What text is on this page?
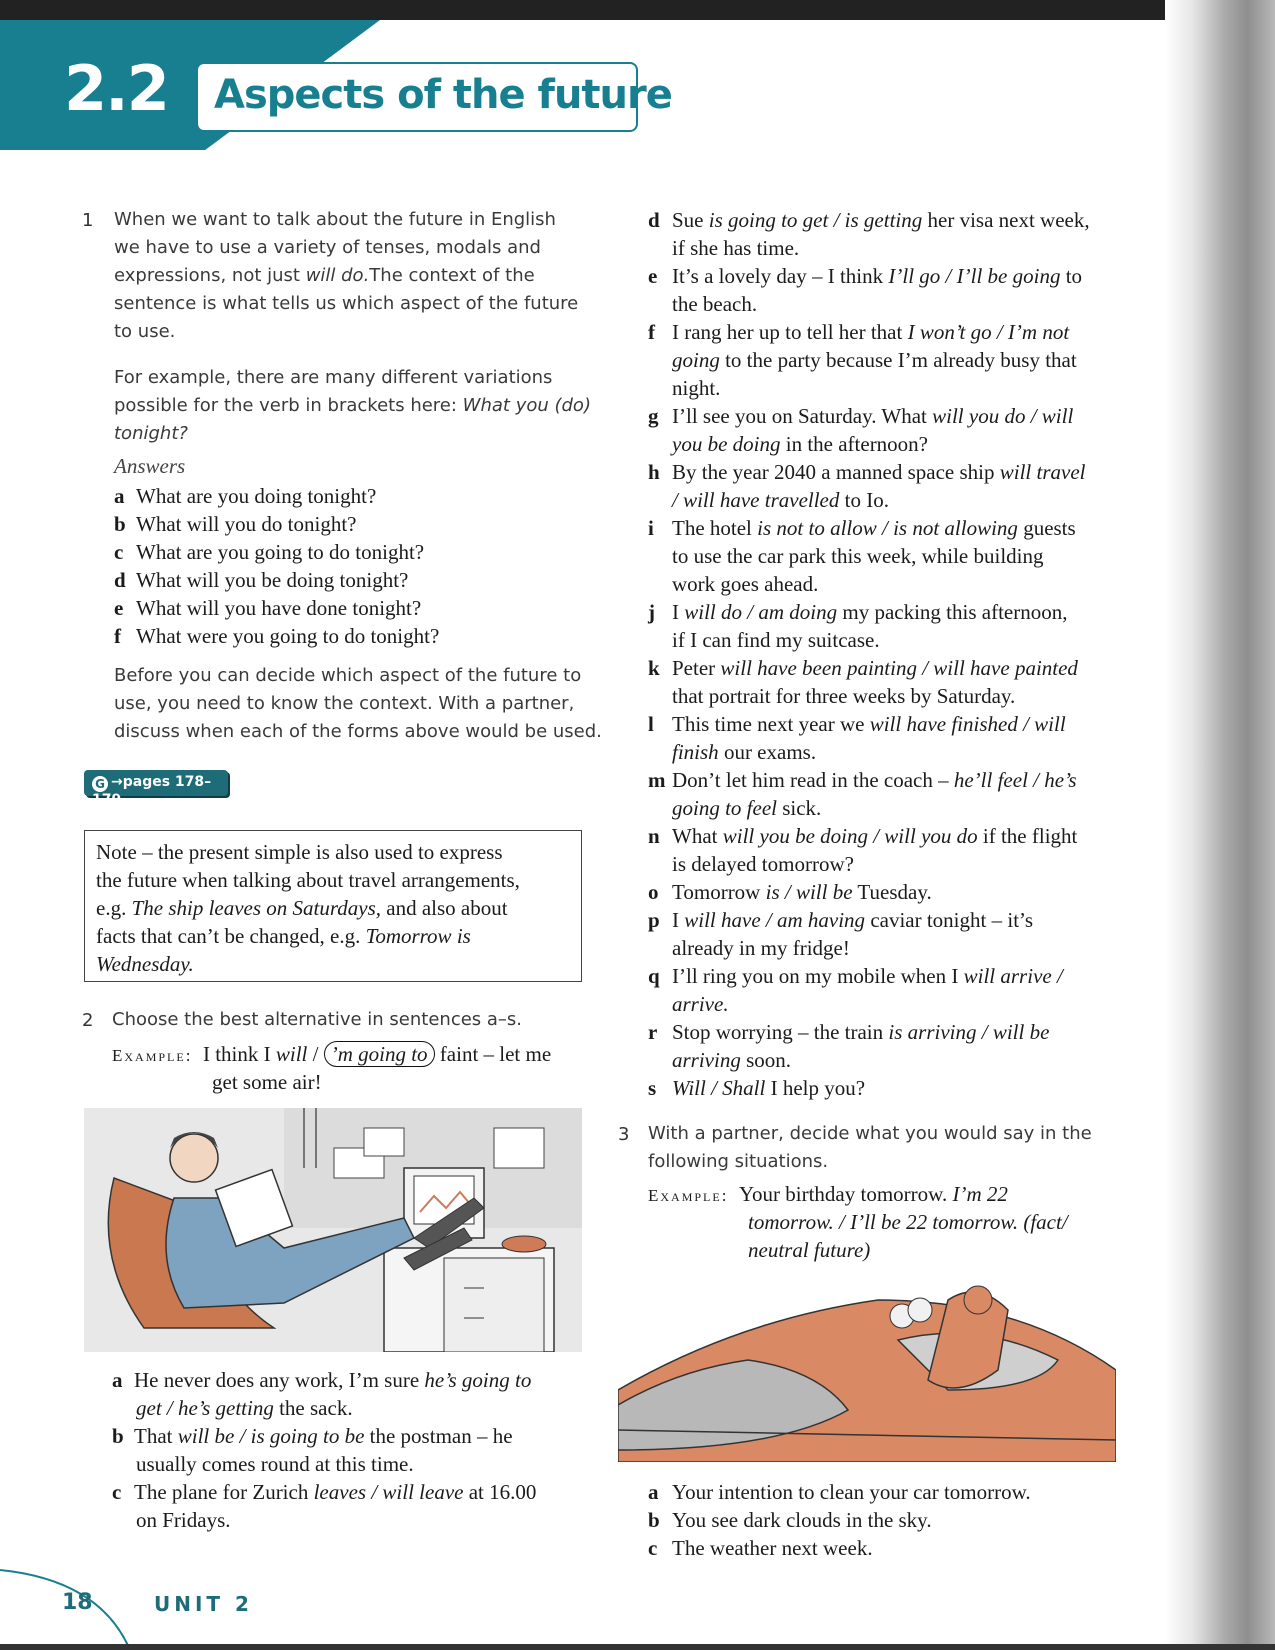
2.2 Aspects of the future
1 When we want to talk about the future in English
we have to use a variety of tenses, modals and
expressions, not just will do.The context of the
sentence is what tells us which aspect of the future
to use.
For example, there are many different variations
possible for the verb in brackets here: What you (do)
tonight?
Answers
a What are you doing tonight?
b What will you do tonight?
c What are you going to do tonight?
d What will you be doing tonight?
e What will you have done tonight?
f What were you going to do tonight?
Before you can decide which aspect of the future to
use, you need to know the context. With a partner,
discuss when each of the forms above would be used.
G →pages 178–179
Note – the present simple is also used to express
the future when talking about travel arrangements,
e.g. The ship leaves on Saturdays, and also about
facts that can’t be changed, e.g. Tomorrow is
Wednesday.
2 Choose the best alternative in sentences a–s.
Example: I think I will / ’m going to faint – let me
get some air!
a He never does any work, I’m sure he’s going to
get / he’s getting the sack.
b That will be / is going to be the postman – he
usually comes round at this time.
c The plane for Zurich leaves / will leave at 16.00
on Fridays.
d Sue is going to get / is getting her visa next week,
if she has time.
e It’s a lovely day – I think I’ll go / I’ll be going to
the beach.
f I rang her up to tell her that I won’t go / I’m not
going to the party because I’m already busy that
night.
g I’ll see you on Saturday. What will you do / will
you be doing in the afternoon?
h By the year 2040 a manned space ship will travel
/ will have travelled to Io.
i The hotel is not to allow / is not allowing guests
to use the car park this week, while building
work goes ahead.
j I will do / am doing my packing this afternoon,
if I can find my suitcase.
k Peter will have been painting / will have painted
that portrait for three weeks by Saturday.
l This time next year we will have finished / will
finish our exams.
m Don’t let him read in the coach – he’ll feel / he’s
going to feel sick.
n What will you be doing / will you do if the flight
is delayed tomorrow?
o Tomorrow is / will be Tuesday.
p I will have / am having caviar tonight – it’s
already in my fridge!
q I’ll ring you on my mobile when I will arrive /
arrive.
r Stop worrying – the train is arriving / will be
arriving soon.
s Will / Shall I help you?
3 With a partner, decide what you would say in the
following situations.
Example: Your birthday tomorrow. I’m 22
tomorrow. / I’ll be 22 tomorrow. (fact/
neutral future)
a Your intention to clean your car tomorrow.
b You see dark clouds in the sky.
c The weather next week.
18	UNIT 2
